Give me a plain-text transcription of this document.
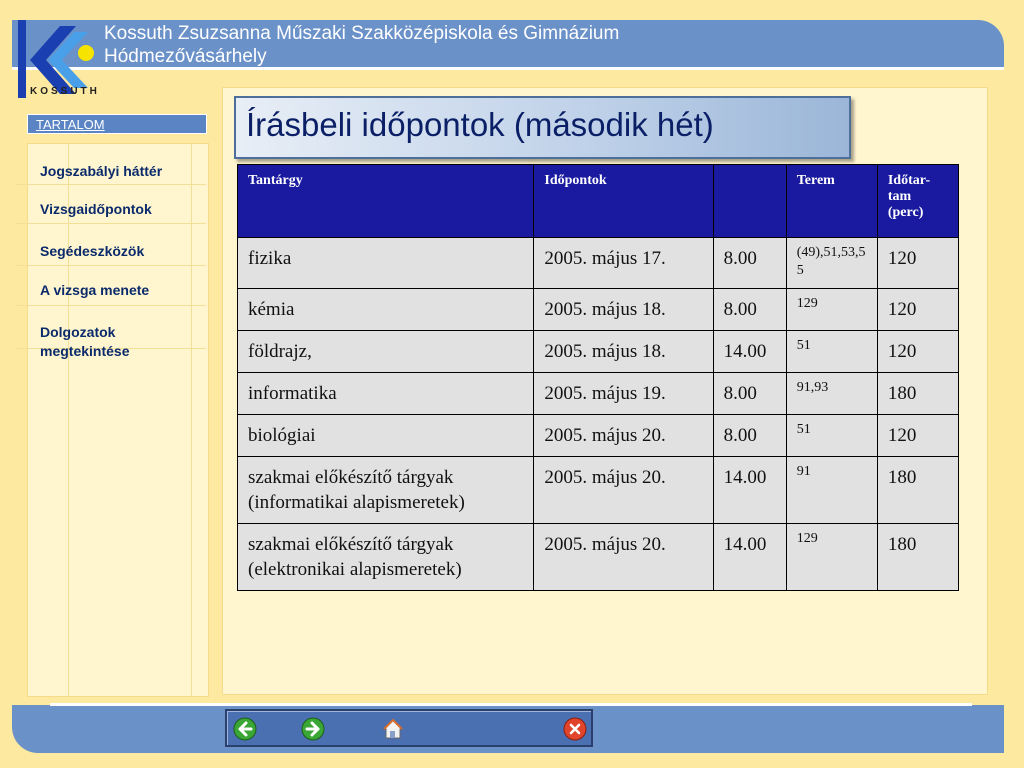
Kossuth Zsuzsanna Műszaki Szakközépiskola és Gimnázium
Hódmezővásárhely
KOSSUTH
TARTALOM
Jogszabályi háttér
Vizsgaidőpontok
Segédeszközök
A vizsga menete
Dolgozatok megtekintése
Írásbeli időpontok (második hét)
Tantárgy	Időpontok		Terem	Időtar-tam (perc)
fizika	2005. május 17.	8.00	(49),51,53,55	120
kémia	2005. május 18.	8.00	129	120
földrajz,	2005. május 18.	14.00	51	120
informatika	2005. május 19.	8.00	91,93	180
biológiai	2005. május 20.	8.00	51	120
szakmai előkészítő tárgyak (informatikai alapismeretek)	2005. május 20.	14.00	91	180
szakmai előkészítő tárgyak (elektronikai alapismeretek)	2005. május 20.	14.00	129	180
